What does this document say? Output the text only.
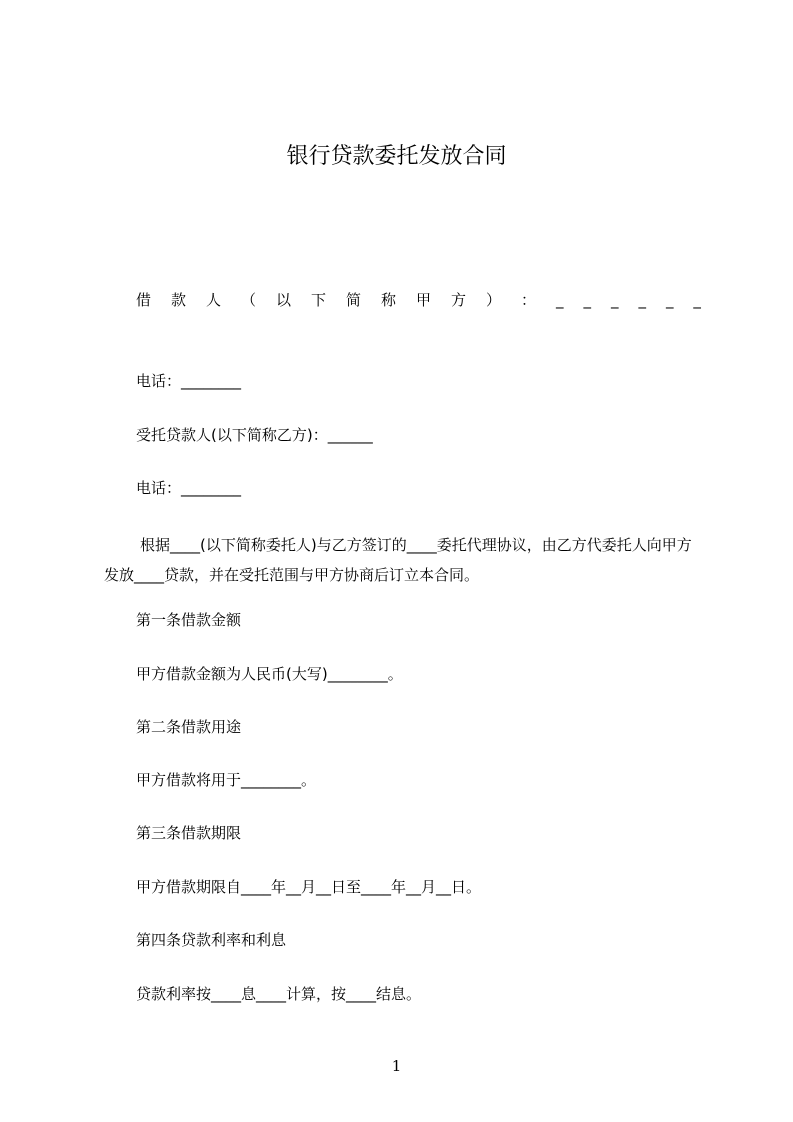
银行贷款委托发放合同
借 款 人 （ 以 下 简 称 甲 方 ） ： _ _ _ _ _ _

电话：________

受托贷款人(以下简称乙方)：______

电话：________

根据____(以下简称委托人)与乙方签订的____委托代理协议，由乙方代委托人向甲方发放____贷款，并在受托范围与甲方协商后订立本合同。

第一条借款金额

甲方借款金额为人民币(大写)________。

第二条借款用途

甲方借款将用于________。

第三条借款期限

甲方借款期限自____年__月__日至____年__月__日。

第四条贷款利率和利息

贷款利率按____息____计算，按____结息。

1
